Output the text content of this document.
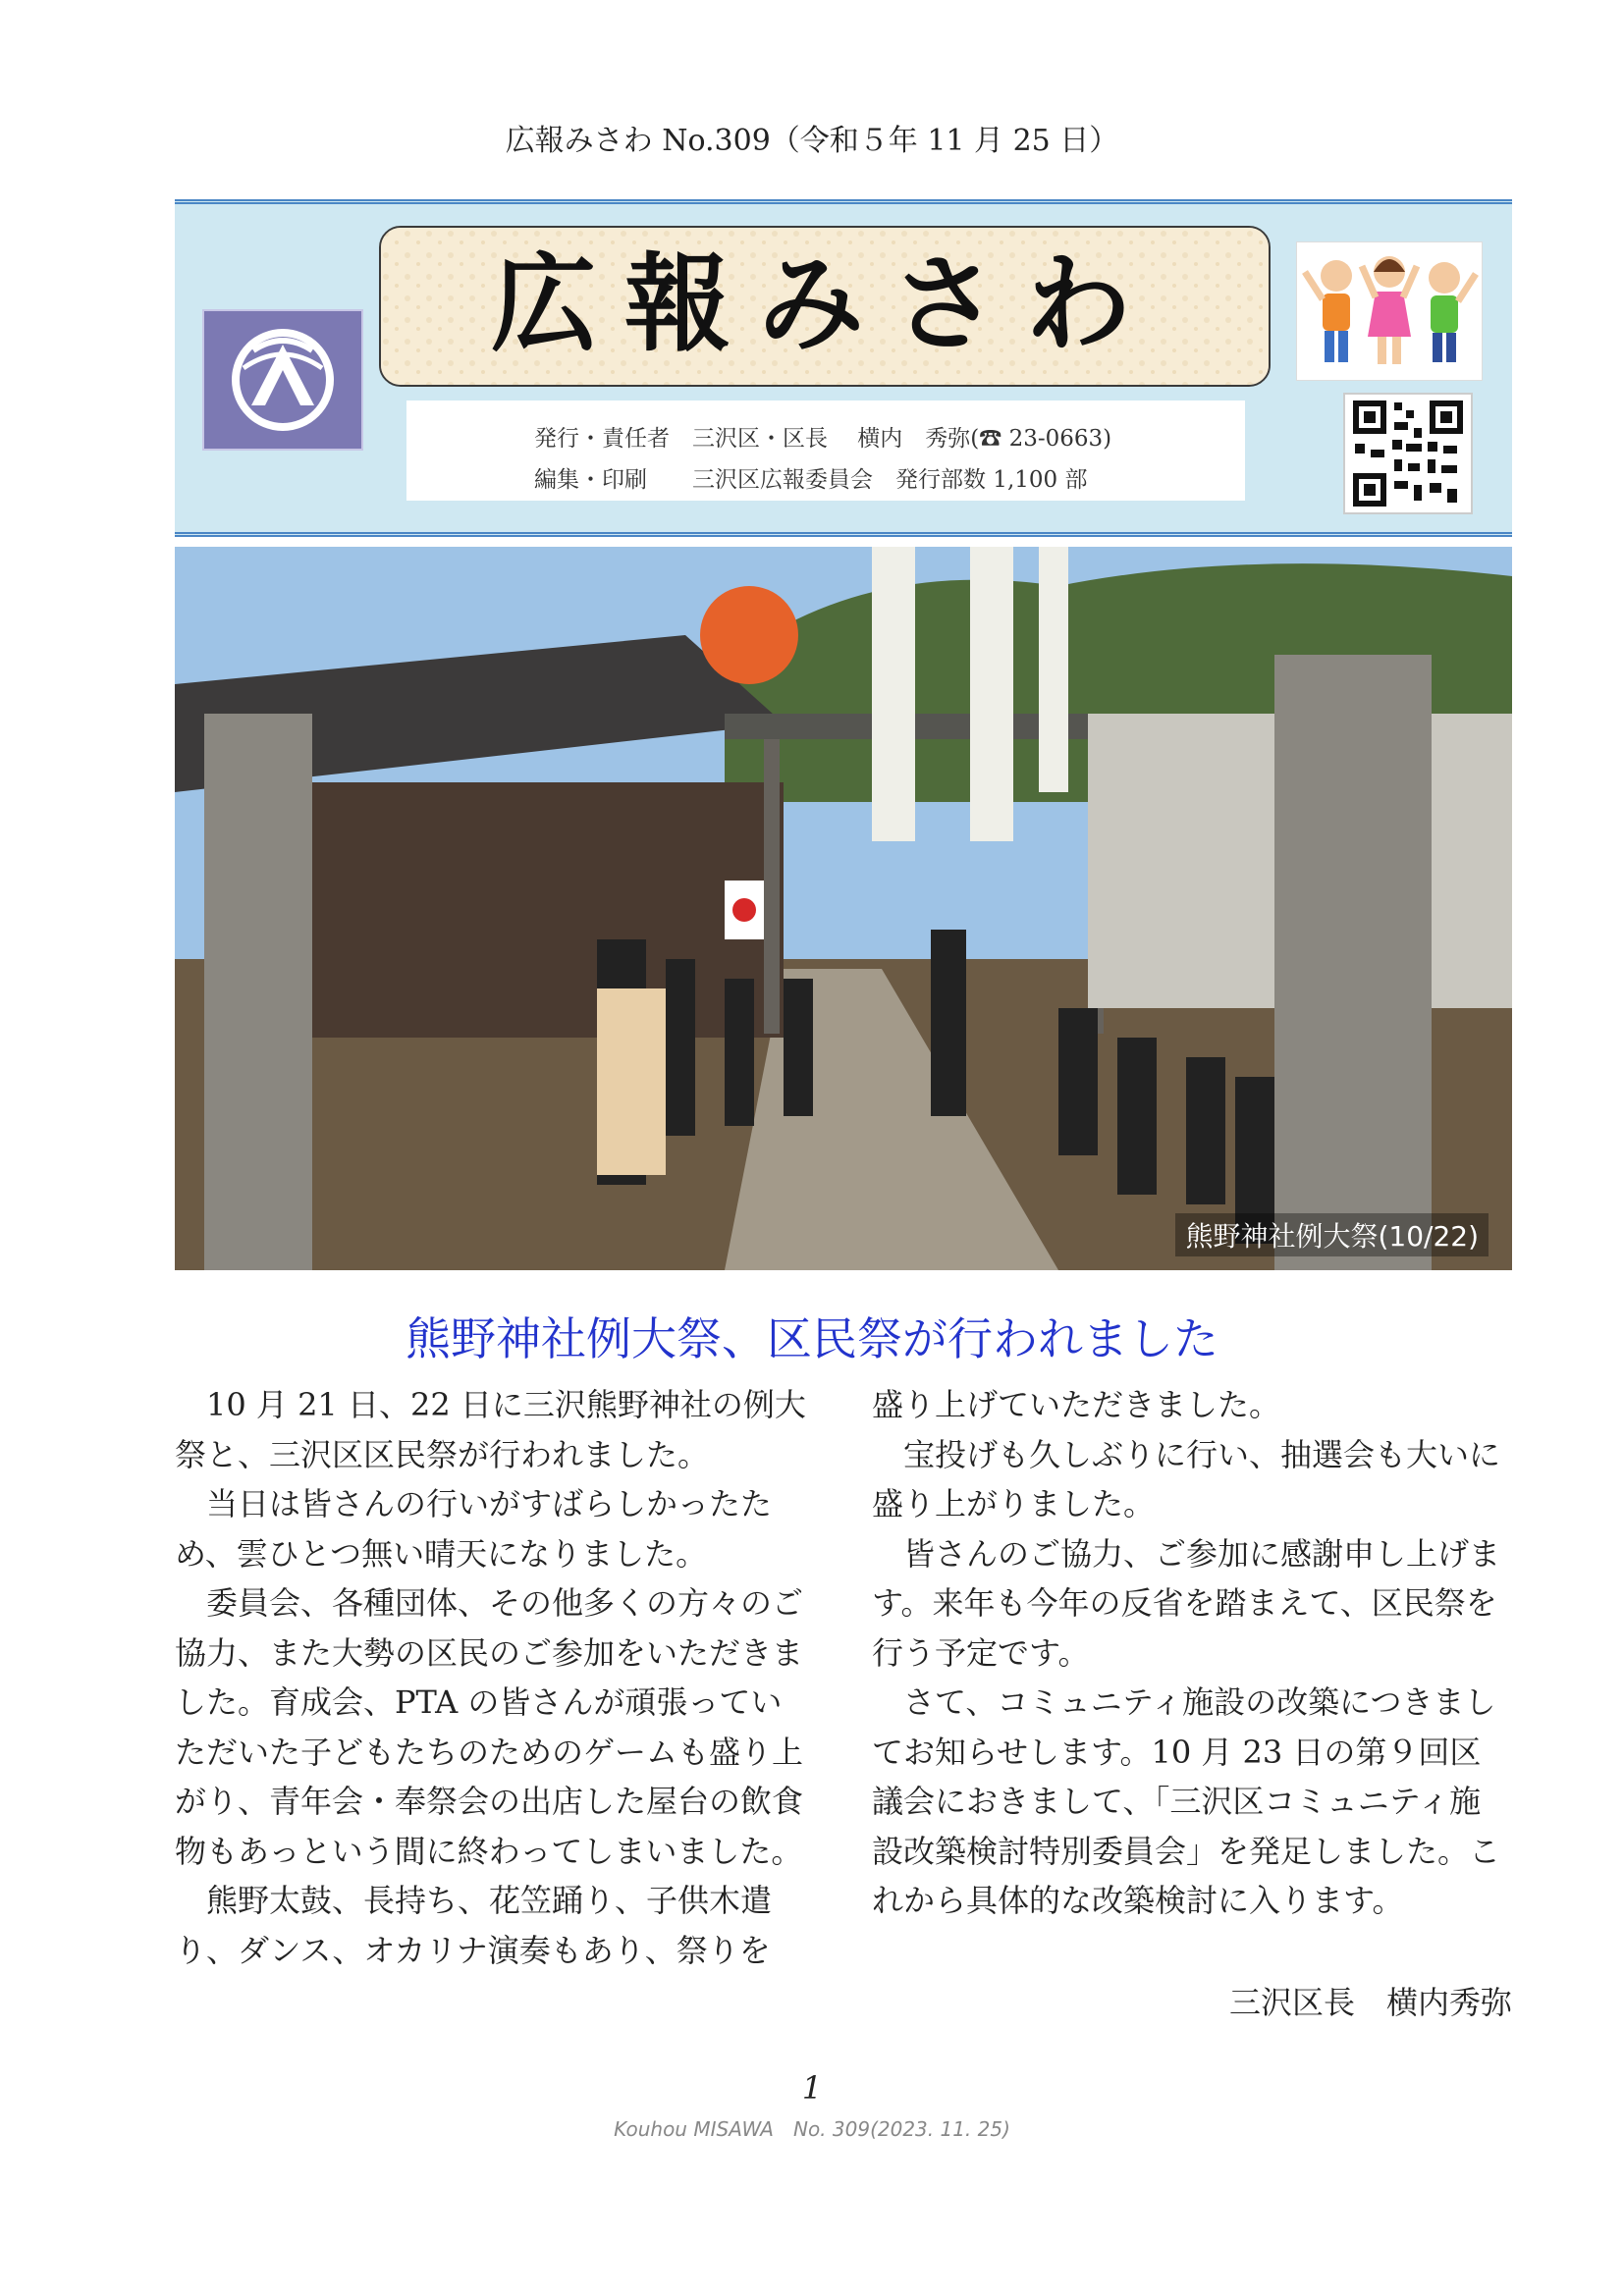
広報みさわ No.309（令和５年 11 月 25 日）
広報みさわ
発行・責任者　三沢区・区長　 横内　秀弥(☎ 23-0663)
編集・印刷　　三沢区広報委員会　発行部数 1,100 部
熊野神社例大祭(10/22)
熊野神社例大祭、区民祭が行われました

10 月 21 日、22 日に三沢熊野神社の例大祭と、三沢区区民祭が行われました。

当日は皆さんの行いがすばらしかったため、雲ひとつ無い晴天になりました。

委員会、各種団体、その他多くの方々のご協力、また大勢の区民のご参加をいただきました。育成会、PTA の皆さんが頑張っていただいた子どもたちのためのゲームも盛り上がり、青年会・奉祭会の出店した屋台の飲食物もあっという間に終わってしまいました。

熊野太鼓、長持ち、花笠踊り、子供木遣り、ダンス、オカリナ演奏もあり、祭りを

盛り上げていただきました。

宝投げも久しぶりに行い、抽選会も大いに盛り上がりました。

皆さんのご協力、ご参加に感謝申し上げます。来年も今年の反省を踏まえて、区民祭を行う予定です。

さて、コミュニティ施設の改築につきましてお知らせします。10 月 23 日の第９回区議会におきまして、「三沢区コミュニティ施設改築検討特別委員会」を発足しました。これから具体的な改築検討に入ります。

三沢区長　横内秀弥
1
Kouhou MISAWA　No. 309(2023. 11. 25)
